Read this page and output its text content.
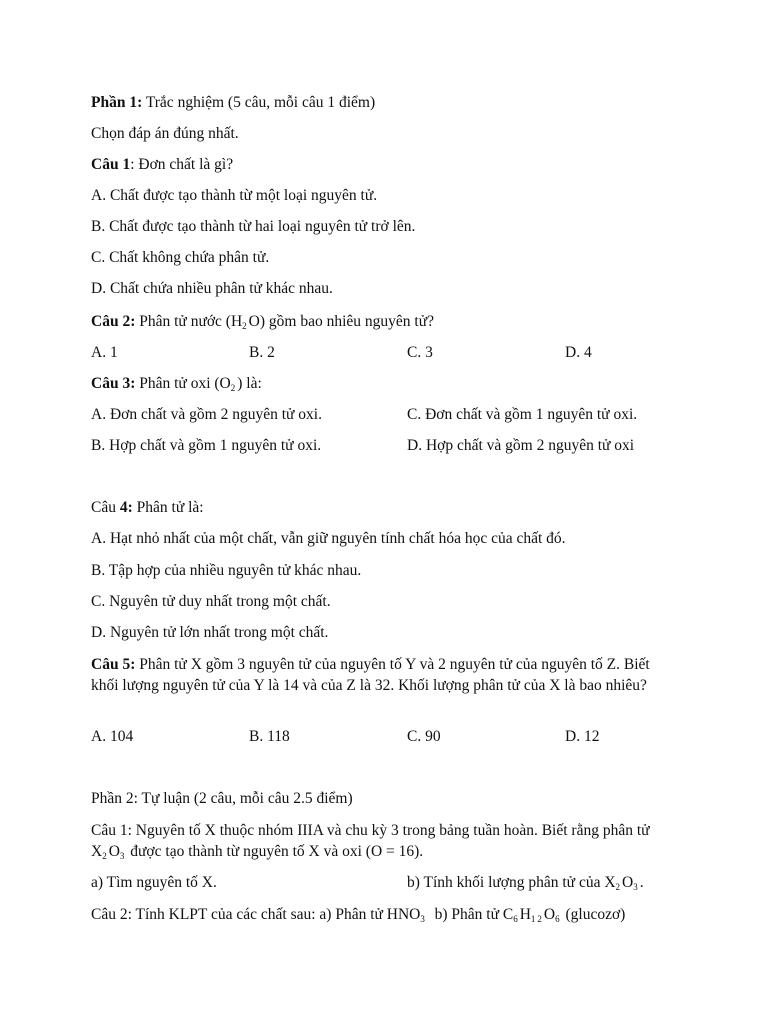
Phần 1: Trắc nghiệm (5 câu, mỗi câu 1 điểm)
Chọn đáp án đúng nhất.
Câu 1: Đơn chất là gì?
A. Chất được tạo thành từ một loại nguyên tử.
B. Chất được tạo thành từ hai loại nguyên tử trở lên.
C. Chất không chứa phân tử.
D. Chất chứa nhiều phân tử khác nhau.
Câu 2: Phân tử nước $(H_2O)$ gồm bao nhiêu nguyên tử?
A. 1	B. 2	C. 3	D. 4
Câu 3: Phân tử oxi $(O_2)$ là:
A. Đơn chất và gồm 2 nguyên tử oxi.	C. Đơn chất và gồm 1 nguyên tử oxi.
B. Hợp chất và gồm 1 nguyên tử oxi.	D. Hợp chất và gồm 2 nguyên tử oxi
Câu 4: Phân tử là:
A. Hạt nhỏ nhất của một chất, vẫn giữ nguyên tính chất hóa học của chất đó.
B. Tập hợp của nhiều nguyên tử khác nhau.
C. Nguyên tử duy nhất trong một chất.
D. Nguyên tử lớn nhất trong một chất.
Câu 5: Phân tử X gồm 3 nguyên tử của nguyên tố Y và 2 nguyên tử của nguyên tố Z. Biết khối lượng nguyên tử của Y là 14 và của Z là 32. Khối lượng phân tử của X là bao nhiêu?
A. 104	B. 118	C. 90	D. 12
Phần 2: Tự luận (2 câu, mỗi câu 2.5 điểm)
Câu 1: Nguyên tố X thuộc nhóm IIIA và chu kỳ 3 trong bảng tuần hoàn. Biết rằng phân tử $X_2O_3$ được tạo thành từ nguyên tố X và oxi (O = 16).
a) Tìm nguyên tố X.	b) Tính khối lượng phân tử của $X_2O_3$.
Câu 2: Tính KLPT của các chất sau: a) Phân tử $HNO_3$  b) Phân tử $C_6H_{12}O_6$ (glucozơ)
